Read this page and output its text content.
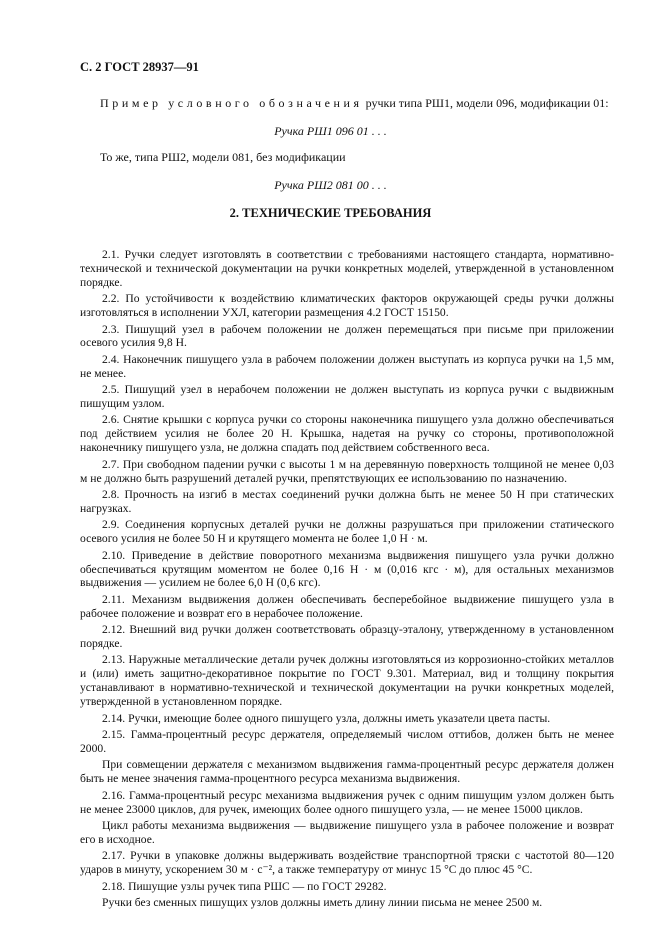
С. 2 ГОСТ 28937—91
Пример условного обозначения ручки типа РШ1, модели 096, модификации 01:
Ручка РШ1 096 01 . . .
То же, типа РШ2, модели 081, без модификации
Ручка РШ2 081 00 . . .
2. ТЕХНИЧЕСКИЕ ТРЕБОВАНИЯ

2.1. Ручки следует изготовлять в соответствии с требованиями настоящего стандарта, нормативно-технической и технической документации на ручки конкретных моделей, утвержденной в установленном порядке.

2.2. По устойчивости к воздействию климатических факторов окружающей среды ручки должны изготовляться в исполнении УХЛ, категории размещения 4.2 ГОСТ 15150.

2.3. Пишущий узел в рабочем положении не должен перемещаться при письме при приложении осевого усилия 9,8 Н.

2.4. Наконечник пишущего узла в рабочем положении должен выступать из корпуса ручки на 1,5 мм, не менее.

2.5. Пишущий узел в нерабочем положении не должен выступать из корпуса ручки с выдвижным пишущим узлом.

2.6. Снятие крышки с корпуса ручки со стороны наконечника пишущего узла должно обеспечиваться под действием усилия не более 20 Н. Крышка, надетая на ручку со стороны, противоположной наконечнику пишущего узла, не должна спадать под действием собственного веса.

2.7. При свободном падении ручки с высоты 1 м на деревянную поверхность толщиной не менее 0,03 м не должно быть разрушений деталей ручки, препятствующих ее использованию по назначению.

2.8. Прочность на изгиб в местах соединений ручки должна быть не менее 50 Н при статических нагрузках.

2.9. Соединения корпусных деталей ручки не должны разрушаться при приложении статического осевого усилия не более 50 Н и крутящего момента не более 1,0 Н · м.

2.10. Приведение в действие поворотного механизма выдвижения пишущего узла ручки должно обеспечиваться крутящим моментом не более 0,16 Н · м (0,016 кгс · м), для остальных механизмов выдвижения — усилием не более 6,0 Н (0,6 кгс).

2.11. Механизм выдвижения должен обеспечивать бесперебойное выдвижение пишущего узла в рабочее положение и возврат его в нерабочее положение.

2.12. Внешний вид ручки должен соответствовать образцу-эталону, утвержденному в установленном порядке.

2.13. Наружные металлические детали ручек должны изготовляться из коррозионно-стойких металлов и (или) иметь защитно-декоративное покрытие по ГОСТ 9.301. Материал, вид и толщину покрытия устанавливают в нормативно-технической и технической документации на ручки конкретных моделей, утвержденной в установленном порядке.

2.14. Ручки, имеющие более одного пишущего узла, должны иметь указатели цвета пасты.

2.15. Гамма-процентный ресурс держателя, определяемый числом оттибов, должен быть не менее 2000.

При совмещении держателя с механизмом выдвижения гамма-процентный ресурс держателя должен быть не менее значения гамма-процентного ресурса механизма выдвижения.

2.16. Гамма-процентный ресурс механизма выдвижения ручек с одним пишущим узлом должен быть не менее 23000 циклов, для ручек, имеющих более одного пишущего узла, — не менее 15000 циклов.

Цикл работы механизма выдвижения — выдвижение пишущего узла в рабочее положение и возврат его в исходное.

2.17. Ручки в упаковке должны выдерживать воздействие транспортной тряски с частотой 80—120 ударов в минуту, ускорением 30 м · с⁻², а также температуру от минус 15 °С до плюс 45 °С.

2.18. Пишущие узлы ручек типа РШС — по ГОСТ 29282.

Ручки без сменных пишущих узлов должны иметь длину линии письма не менее 2500 м.
